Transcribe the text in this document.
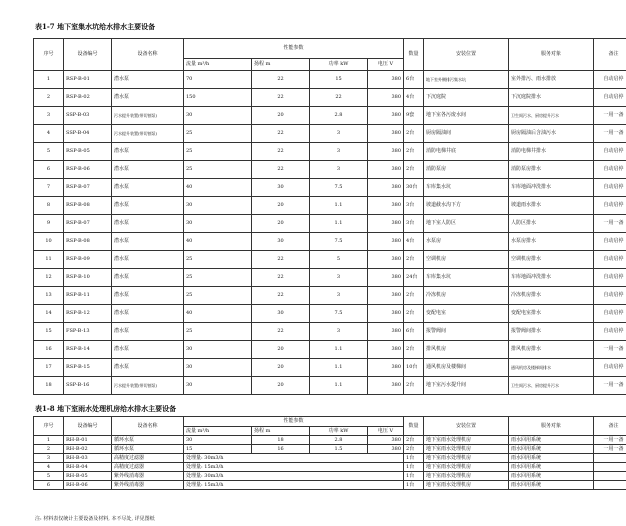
表1-7 地下室集水坑给水排水主要设备
序号	设备编号	设备名称	性能参数				数量	安装位置	服务对象	备注
			流量 m³/h	扬程 m	功率 kW	电压 V				
1	RSP-B-01	潜水泵	70	22	15	380	6台	地下室外侧排污集水坑	室外排污、雨水排放	自动启停
2	RSP-B-02	潜水泵	150	22	22	380	4台	下沉庭院	下沉庭院排水	自动启停
3	SSP-B-03	污水提升装置(带切割泵)	30	20	2.8	380	9套	地下室各污废水间	卫生间污水、厨房提升污水	一用一备
4	SSP-B-04	污水提升装置(带切割泵)	25	22	3	380	2台	厨房隔油间	厨房隔油后含油污水	一用一备
5	RSP-B-05	潜水泵	25	22	3	380	2台	消防电梯井底	消防电梯井排水	自动启停
6	RSP-B-06	潜水泵	25	22	3	380	2台	消防泵房	消防泵房排水	自动启停
7	RSP-B-07	潜水泵	40	30	7.5	380	30台	车库集水坑	车库地面冲洗排水	自动启停
8	RSP-B-08	潜水泵	30	20	1.1	380	3台	坡道截水沟下方	坡道雨水排水	自动启停
9	RSP-B-07	潜水泵	30	20	1.1	380	3台	地下室人防区	人防区排水	一用一备
10	RSP-B-08	潜水泵	40	30	7.5	380	4台	水泵房	水泵房排水	自动启停
11	RSP-B-09	潜水泵	25	22	5	380	2台	空调机房	空调机房排水	自动启停
12	RSP-B-10	潜水泵	25	22	3	380	24台	车库集水坑	车库地面冲洗排水	自动启停
13	RSP-B-11	潜水泵	25	22	3	380	2台	冷冻机房	冷冻机房排水	自动启停
14	RSP-B-12	潜水泵	40	30	7.5	380	2台	变配电室	变配电室排水	自动启停
15	FSP-B-13	潜水泵	25	22	3	380	6台	报警阀间	报警阀间排水	自动启停
16	RSP-B-14	潜水泵	30	20	1.1	380	2台	排风机房	排风机房排水	一用一备
17	RSP-B-15	潜水泵	30	20	1.1	380	10台	通风机房及楼梯间	通风机房及楼梯间排水	自动启停
18	SSP-B-16	污水提升装置(带切割泵)	30	20	1.1	380	2台	地下室污水提升间	卫生间污水、厨房提升污水	一用一备
表1-8 地下室雨水处理机房给水排水主要设备
序号	设备编号	设备名称	性能参数				数量	安装位置	服务对象	备注
			流量 m³/h	扬程 m	功率 kW	电压 V				
1	RH-B-01	循环水泵	30	18	2.8	380	2台	地下室雨水处理机房	雨水回用系统	一用一备
2	RH-B-02	循环水泵	15	16	1.5	380	2台	地下室雨水处理机房	雨水回用系统	一用一备
3	RH-B-03	高精度过滤器	处理量: 30m3/h				1台	地下室雨水处理机房	雨水回用系统	
4	RH-B-04	高精度过滤器	处理量: 15m3/h				1台	地下室雨水处理机房	雨水回用系统	
5	RH-B-05	紫外线消毒器	处理量: 30m3/h				1台	地下室雨水处理机房	雨水回用系统	
6	RH-B-06	紫外线消毒器	处理量: 15m3/h				1台	地下室雨水处理机房	雨水回用系统	
注: 材料表仅统计主要设备及材料, 本不尽处, 详见图纸
